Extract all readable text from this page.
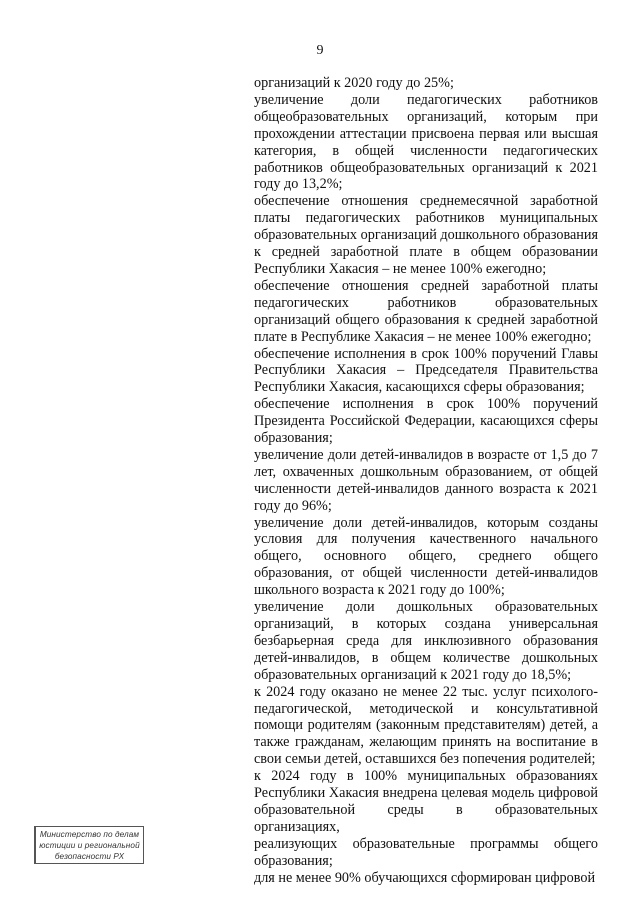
9
организаций к 2020 году до 25%;
увеличение доли педагогических работников
общеобразовательных организаций, которым при
прохождении аттестации присвоена первая или высшая
категория, в общей численности педагогических
работников общеобразовательных организаций к 2021
году до 13,2%;
обеспечение отношения среднемесячной заработной
платы педагогических работников муниципальных
образовательных организаций дошкольного образования
к средней заработной плате в общем образовании
Республики Хакасия – не менее 100% ежегодно;
обеспечение отношения средней заработной платы
педагогических работников образовательных
организаций общего образования к средней заработной
плате в Республике Хакасия – не менее 100% ежегодно;
обеспечение исполнения в срок 100% поручений Главы
Республики Хакасия – Председателя Правительства
Республики Хакасия, касающихся сферы образования;
обеспечение исполнения в срок 100% поручений
Президента Российской Федерации, касающихся сферы
образования;
увеличение доли детей-инвалидов в возрасте от 1,5 до 7
лет, охваченных дошкольным образованием, от общей
численности детей-инвалидов данного возраста к 2021
году до 96%;
увеличение доли детей-инвалидов, которым созданы
условия для получения качественного начального
общего, основного общего, среднего общего
образования, от общей численности детей-инвалидов
школьного возраста к 2021 году до 100%;
увеличение доли дошкольных образовательных
организаций, в которых создана универсальная
безбарьерная среда для инклюзивного образования
детей-инвалидов, в общем количестве дошкольных
образовательных организаций к 2021 году до 18,5%;
к 2024 году оказано не менее 22 тыс. услуг психолого-
педагогической, методической и консультативной
помощи родителям (законным представителям) детей, а
также гражданам, желающим принять на воспитание в
свои семьи детей, оставшихся без попечения родителей;
к 2024 году в 100% муниципальных образованиях
Республики Хакасия внедрена целевая модель цифровой
образовательной среды в образовательных организациях,
реализующих образовательные программы общего
образования;
для не менее 90% обучающихся сформирован цифровой
Министерство по делам
юстиции и региональной
безопасности РХ
